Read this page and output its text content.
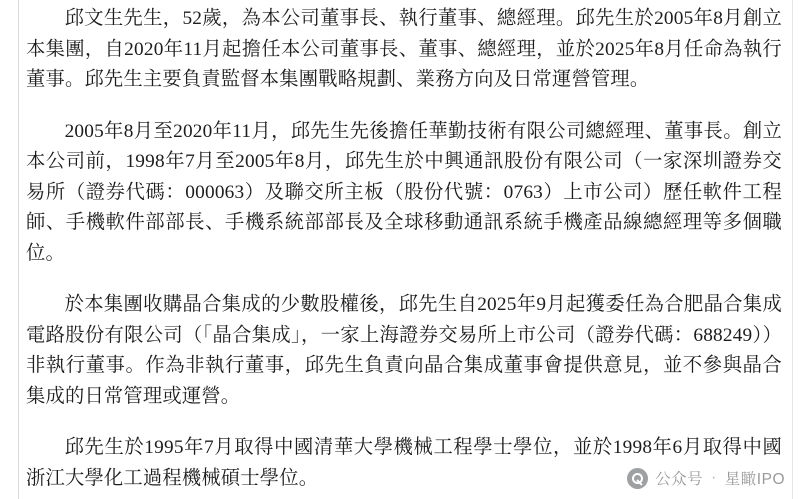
邱文生先生，52歲，為本公司董事長、執行董事、總經理。邱先生於2005年8月創立本集團，自2020年11月起擔任本公司董事長、董事、總經理，並於2025年8月任命為執行董事。邱先生主要負責監督本集團戰略規劃、業務方向及日常運營管理。

2005年8月至2020年11月，邱先生先後擔任華勤技術有限公司總經理、董事長。創立本公司前，1998年7月至2005年8月，邱先生於中興通訊股份有限公司（一家深圳證券交易所（證券代碼：000063）及聯交所主板（股份代號：0763）上市公司）歷任軟件工程師、手機軟件部部長、手機系統部部長及全球移動通訊系統手機產品線總經理等多個職位。

於本集團收購晶合集成的少數股權後，邱先生自2025年9月起獲委任為合肥晶合集成電路股份有限公司（「晶合集成」，一家上海證券交易所上市公司（證券代碼：688249））非執行董事。作為非執行董事，邱先生負責向晶合集成董事會提供意見，並不參與晶合集成的日常管理或運營。

邱先生於1995年7月取得中國清華大學機械工程學士學位，並於1998年6月取得中國浙江大學化工過程機械碩士學位。	公众号 · 星瞰IPO
